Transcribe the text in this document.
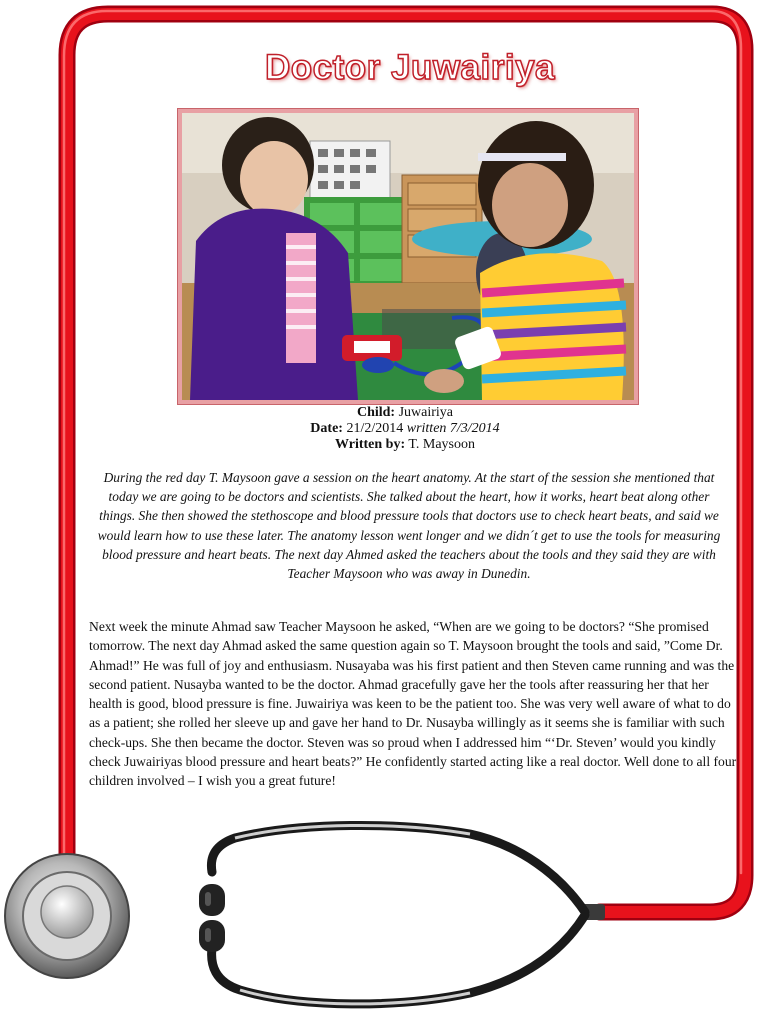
Doctor Juwairiya
Child: Juwairiya
Date: 21/2/2014 written 7/3/2014
Written by: T. Maysoon
During the red day T. Maysoon gave a session on the heart anatomy. At the start of the session she mentioned that today we are going to be doctors and scientists. She talked about the heart, how it works, heart beat along other things. She then showed the stethoscope and blood pressure tools that doctors use to check heart beats, and said we would learn how to use these later. The anatomy lesson went longer and we didn´t get to use the tools for measuring blood pressure and heart beats. The next day Ahmed asked the teachers about the tools and they said they are with Teacher Maysoon who was away in Dunedin.
Next week the minute Ahmad saw Teacher Maysoon he asked, “When are we going to be doctors? “She promised tomorrow. The next day Ahmad asked the same question again so T. Maysoon brought the tools and said, ”Come Dr. Ahmad!” He was full of joy and enthusiasm. Nusayaba was his first patient and then Steven came running and was the second patient. Nusayba wanted to be the doctor. Ahmad gracefully gave her the tools after reassuring her that her health is good, blood pressure is fine. Juwairiya was keen to be the patient too. She was very well aware of what to do as a patient; she rolled her sleeve up and gave her hand to Dr. Nusayba willingly as it seems she is familiar with such check-ups. She then became the doctor. Steven was so proud when I addressed him “‘Dr. Steven’ would you kindly check Juwairiyas blood pressure and heart beats?” He confidently started acting like a real doctor. Well done to all four children involved – I wish you a great future!
